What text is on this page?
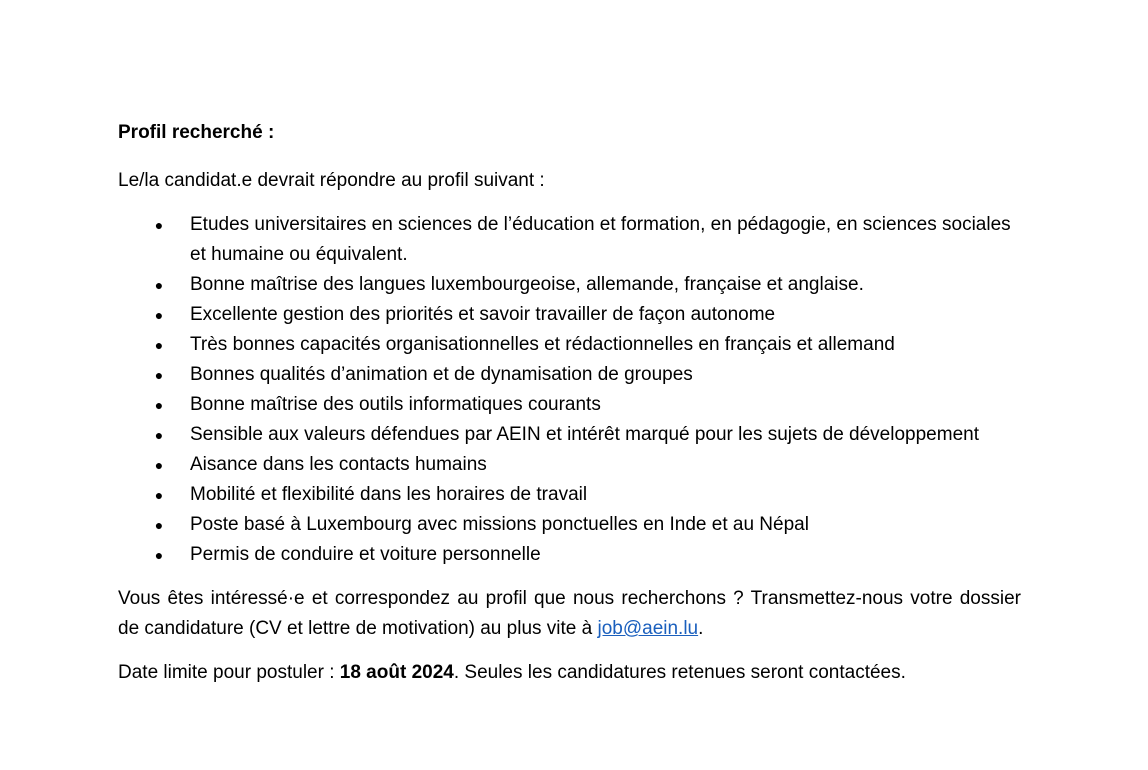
Profil recherché :
Le/la candidat.e devrait répondre au profil suivant :
● Etudes universitaires en sciences de l’éducation et formation, en pédagogie, en sciences sociales et humaine ou équivalent.
● Bonne maîtrise des langues luxembourgeoise, allemande, française et anglaise.
● Excellente gestion des priorités et savoir travailler de façon autonome
● Très bonnes capacités organisationnelles et rédactionnelles en français et allemand
● Bonnes qualités d’animation et de dynamisation de groupes
● Bonne maîtrise des outils informatiques courants
● Sensible aux valeurs défendues par AEIN et intérêt marqué pour les sujets de développement
● Aisance dans les contacts humains
● Mobilité et flexibilité dans les horaires de travail
● Poste basé à Luxembourg avec missions ponctuelles en Inde et au Népal
● Permis de conduire et voiture personnelle

Vous êtes intéressé·e et correspondez au profil que nous recherchons ? Transmettez-nous votre dossier de candidature (CV et lettre de motivation) au plus vite à job@aein.lu.

Date limite pour postuler : 18 août 2024. Seules les candidatures retenues seront contactées.
